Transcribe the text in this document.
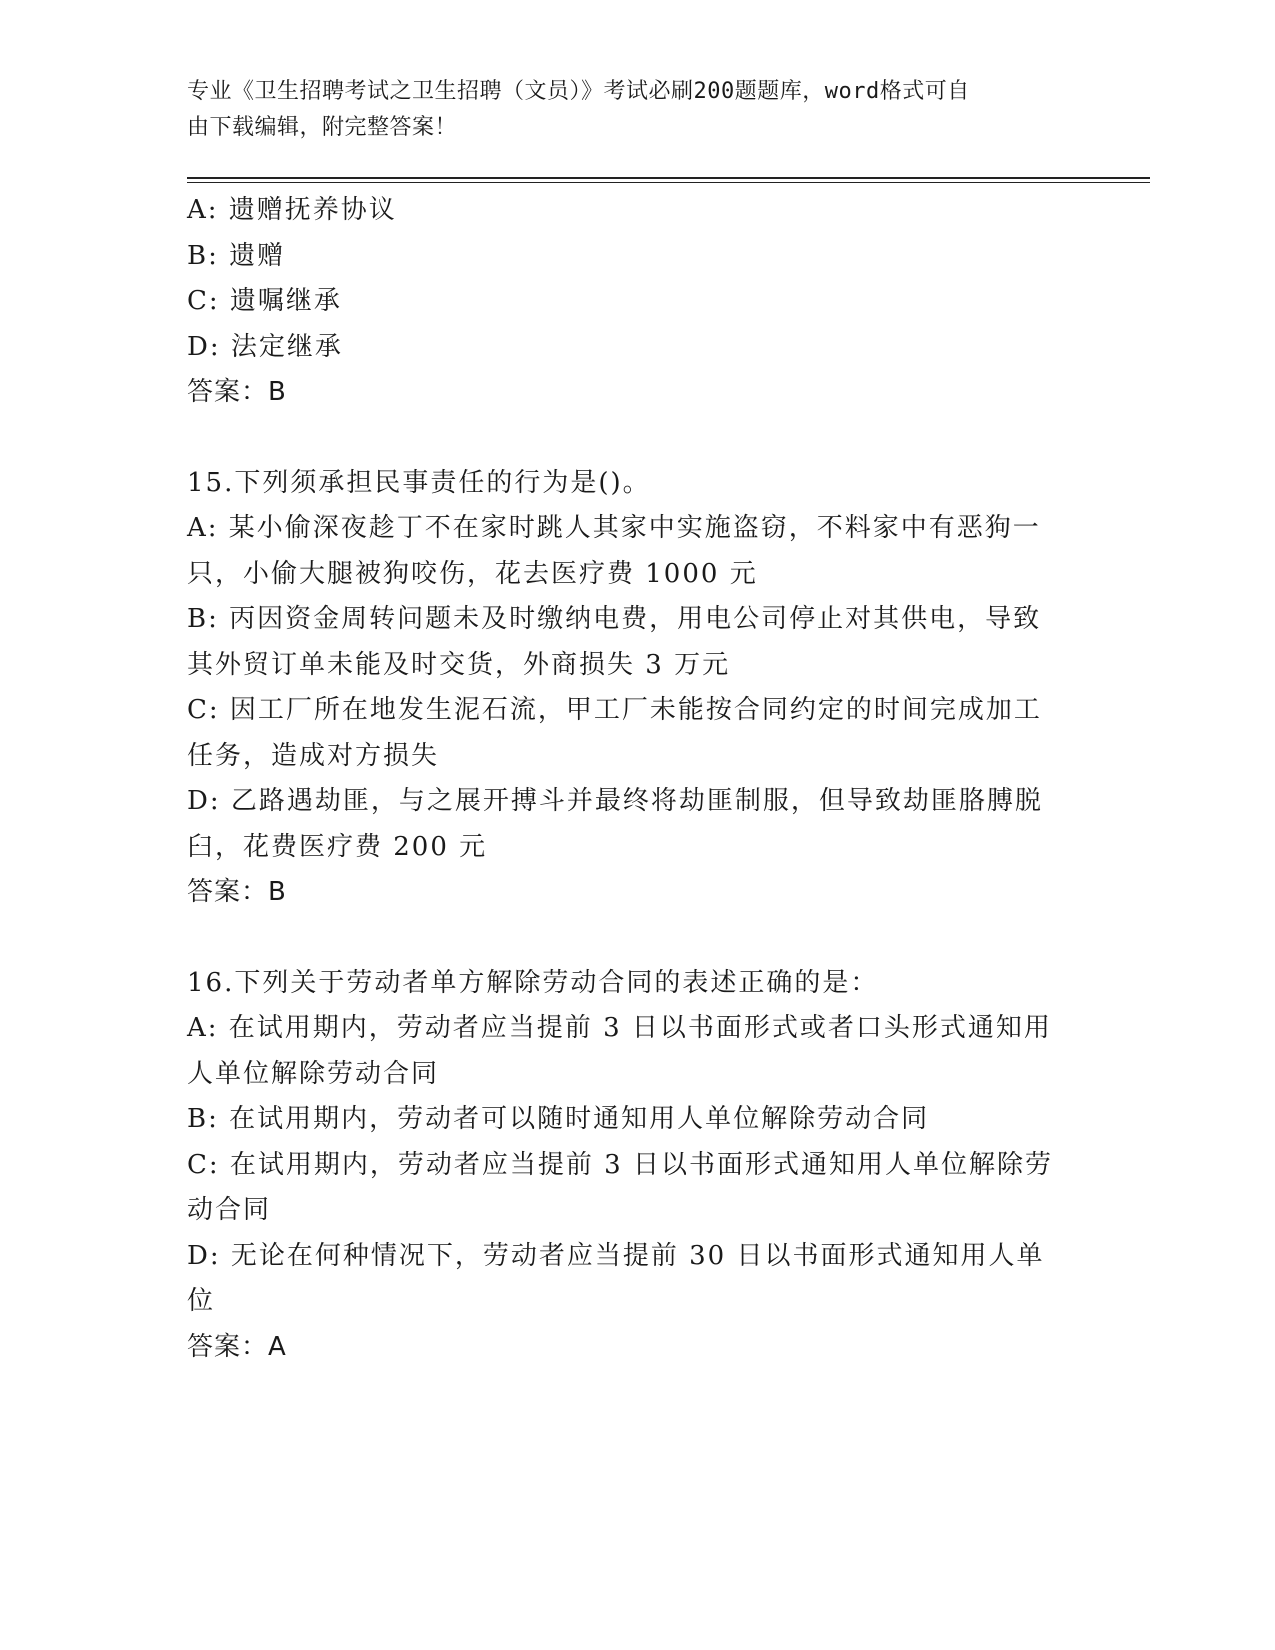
专业《卫生招聘考试之卫生招聘（文员）》考试必刷200题题库，word格式可自
由下载编辑，附完整答案！
A: 遗赠抚养协议
B: 遗赠
C: 遗嘱继承
D: 法定继承
答案：B
15.下列须承担民事责任的行为是()。
A: 某小偷深夜趁丁不在家时跳人其家中实施盗窃，不料家中有恶狗一
只，小偷大腿被狗咬伤，花去医疗费 1000 元
B: 丙因资金周转问题未及时缴纳电费，用电公司停止对其供电，导致
其外贸订单未能及时交货，外商损失 3 万元
C: 因工厂所在地发生泥石流，甲工厂未能按合同约定的时间完成加工
任务，造成对方损失
D: 乙路遇劫匪，与之展开搏斗并最终将劫匪制服，但导致劫匪胳膊脱
臼，花费医疗费 200 元
答案：B
16.下列关于劳动者单方解除劳动合同的表述正确的是：
A: 在试用期内，劳动者应当提前 3 日以书面形式或者口头形式通知用
人单位解除劳动合同
B: 在试用期内，劳动者可以随时通知用人单位解除劳动合同
C: 在试用期内，劳动者应当提前 3 日以书面形式通知用人单位解除劳
动合同
D: 无论在何种情况下，劳动者应当提前 30 日以书面形式通知用人单
位
答案：A
